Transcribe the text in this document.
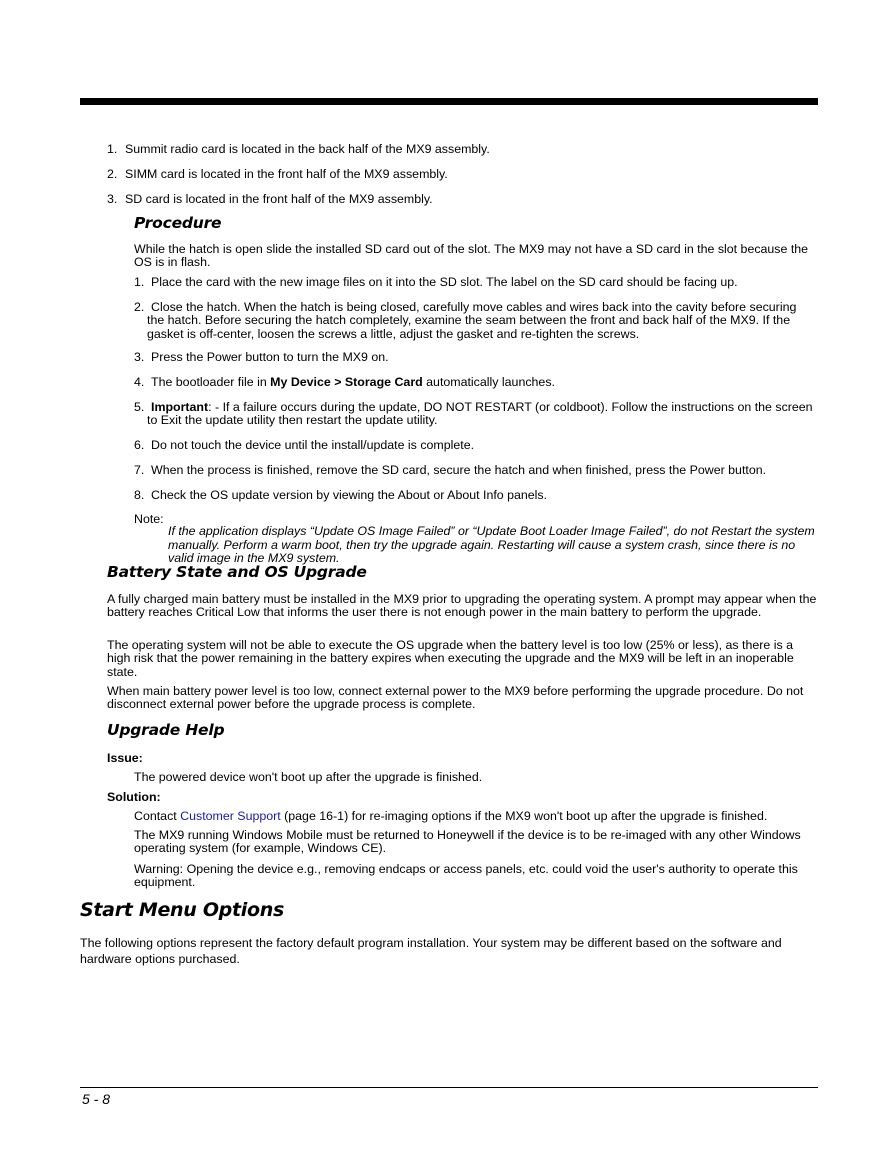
1. Summit radio card is located in the back half of the MX9 assembly.

2. SIMM card is located in the front half of the MX9 assembly.

3. SD card is located in the front half of the MX9 assembly.

Procedure

While the hatch is open slide the installed SD card out of the slot. The MX9 may not have a SD card in the slot because the OS is in flash.

1. Place the card with the new image files on it into the SD slot. The label on the SD card should be facing up.

2. Close the hatch. When the hatch is being closed, carefully move cables and wires back into the cavity before securing the hatch. Before securing the hatch completely, examine the seam between the front and back half of the MX9. If the gasket is off-center, loosen the screws a little, adjust the gasket and re-tighten the screws.

3. Press the Power button to turn the MX9 on.

4. The bootloader file in My Device > Storage Card automatically launches.

5. Important: - If a failure occurs during the update, DO NOT RESTART (or coldboot). Follow the instructions on the screen to Exit the update utility then restart the update utility.

6. Do not touch the device until the install/update is complete.

7. When the process is finished, remove the SD card, secure the hatch and when finished, press the Power button.

8. Check the OS update version by viewing the About or About Info panels.

Note:

If the application displays “Update OS Image Failed” or “Update Boot Loader Image Failed”, do not Restart the system manually. Perform a warm boot, then try the upgrade again. Restarting will cause a system crash, since there is no valid image in the MX9 system.

Battery State and OS Upgrade

A fully charged main battery must be installed in the MX9 prior to upgrading the operating system. A prompt may appear when the battery reaches Critical Low that informs the user there is not enough power in the main battery to perform the upgrade.

The operating system will not be able to execute the OS upgrade when the battery level is too low (25% or less), as there is a high risk that the power remaining in the battery expires when executing the upgrade and the MX9 will be left in an inoperable state.

When main battery power level is too low, connect external power to the MX9 before performing the upgrade procedure. Do not disconnect external power before the upgrade process is complete.

Upgrade Help
Issue:

The powered device won't boot up after the upgrade is finished.

Solution:

Contact Customer Support (page 16-1) for re-imaging options if the MX9 won't boot up after the upgrade is finished.

The MX9 running Windows Mobile must be returned to Honeywell if the device is to be re-imaged with any other Windows operating system (for example, Windows CE).

Warning: Opening the device e.g., removing endcaps or access panels, etc. could void the user's authority to operate this equipment.

Start Menu Options

The following options represent the factory default program installation. Your system may be different based on the software and hardware options purchased.

5 - 8
